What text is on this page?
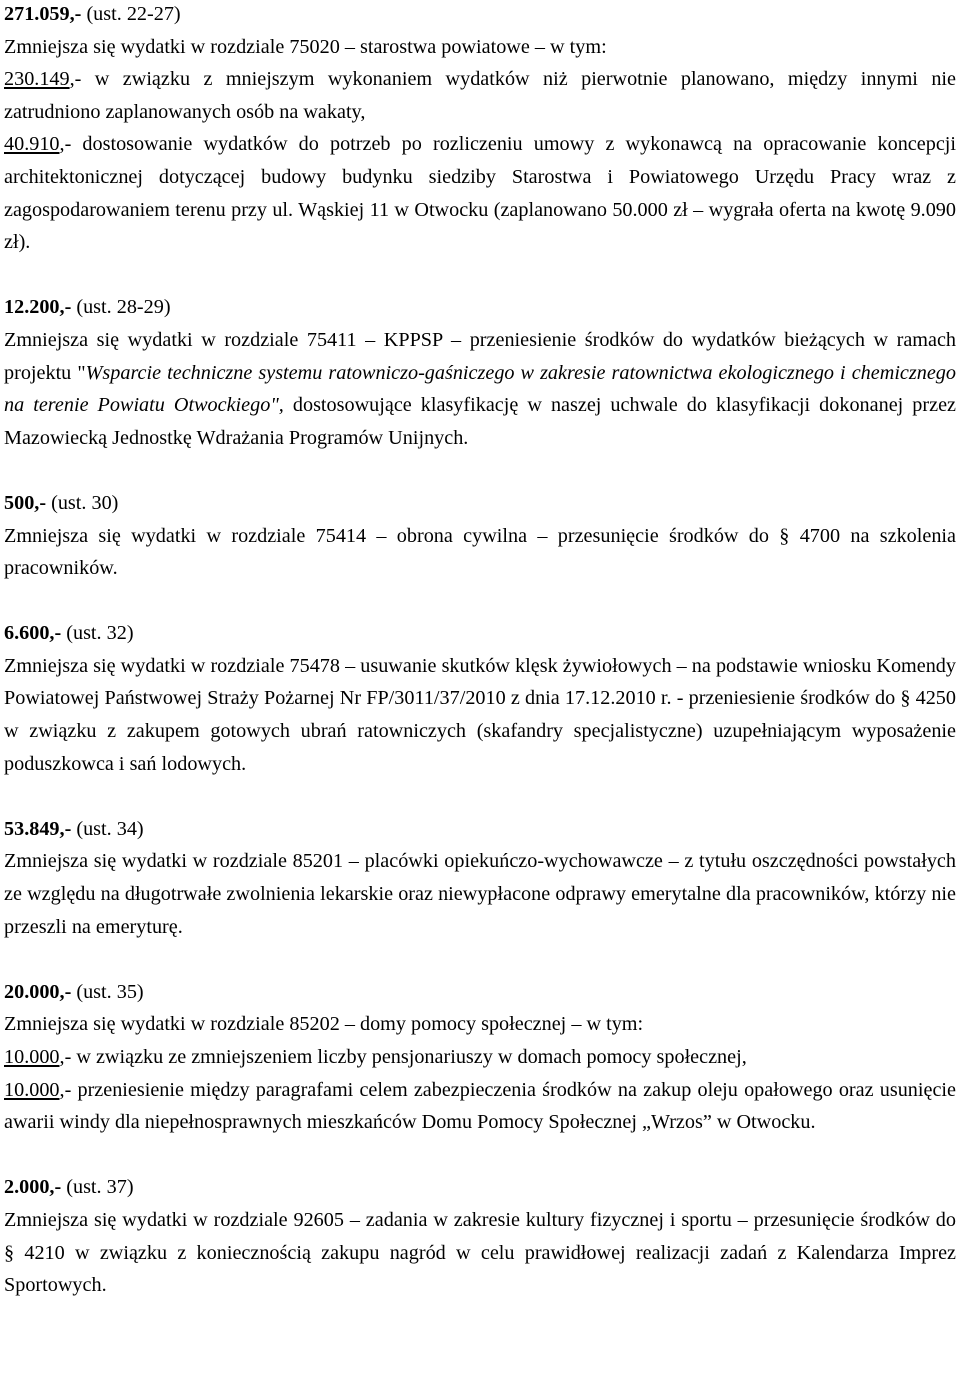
271.059,- (ust. 22-27)
Zmniejsza się wydatki w rozdziale 75020 – starostwa powiatowe – w tym:
230.149,- w związku z mniejszym wykonaniem wydatków niż pierwotnie planowano, między innymi nie zatrudniono zaplanowanych osób na wakaty,
40.910,- dostosowanie wydatków do potrzeb po rozliczeniu umowy z wykonawcą na opracowanie koncepcji architektonicznej dotyczącej budowy budynku siedziby Starostwa i Powiatowego Urzędu Pracy wraz z zagospodarowaniem terenu przy ul. Wąskiej 11 w Otwocku (zaplanowano 50.000 zł – wygrała oferta na kwotę 9.090 zł).
12.200,- (ust. 28-29)
Zmniejsza się wydatki w rozdziale 75411 – KPPSP – przeniesienie środków do wydatków bieżących w ramach projektu "Wsparcie techniczne systemu ratowniczo-gaśniczego w zakresie ratownictwa ekologicznego i chemicznego na terenie Powiatu Otwockiego", dostosowujące klasyfikację w naszej uchwale do klasyfikacji dokonanej przez Mazowiecką Jednostkę Wdrażania Programów Unijnych.
500,- (ust. 30)
Zmniejsza się wydatki w rozdziale 75414 – obrona cywilna – przesunięcie środków do § 4700 na szkolenia pracowników.
6.600,- (ust. 32)
Zmniejsza się wydatki w rozdziale 75478 – usuwanie skutków klęsk żywiołowych – na podstawie wniosku Komendy Powiatowej Państwowej Straży Pożarnej Nr FP/3011/37/2010 z dnia 17.12.2010 r. - przeniesienie środków do § 4250 w związku z zakupem gotowych ubrań ratowniczych (skafandry specjalistyczne) uzupełniającym wyposażenie poduszkowca i sań lodowych.
53.849,- (ust. 34)
Zmniejsza się wydatki w rozdziale 85201 – placówki opiekuńczo-wychowawcze – z tytułu oszczędności powstałych ze względu na długotrwałe zwolnienia lekarskie oraz niewypłacone odprawy emerytalne dla pracowników, którzy nie przeszli na emeryturę.
20.000,- (ust. 35)
Zmniejsza się wydatki w rozdziale 85202 – domy pomocy społecznej – w tym:
10.000,- w związku ze zmniejszeniem liczby pensjonariuszy w domach pomocy społecznej,
10.000,- przeniesienie między paragrafami celem zabezpieczenia środków na zakup oleju opałowego oraz usunięcie awarii windy dla niepełnosprawnych mieszkańców Domu Pomocy Społecznej „Wrzos” w Otwocku.
2.000,- (ust. 37)
Zmniejsza się wydatki w rozdziale 92605 – zadania w zakresie kultury fizycznej i sportu – przesunięcie środków do § 4210 w związku z koniecznością zakupu nagród w celu prawidłowej realizacji zadań z Kalendarza Imprez Sportowych.
